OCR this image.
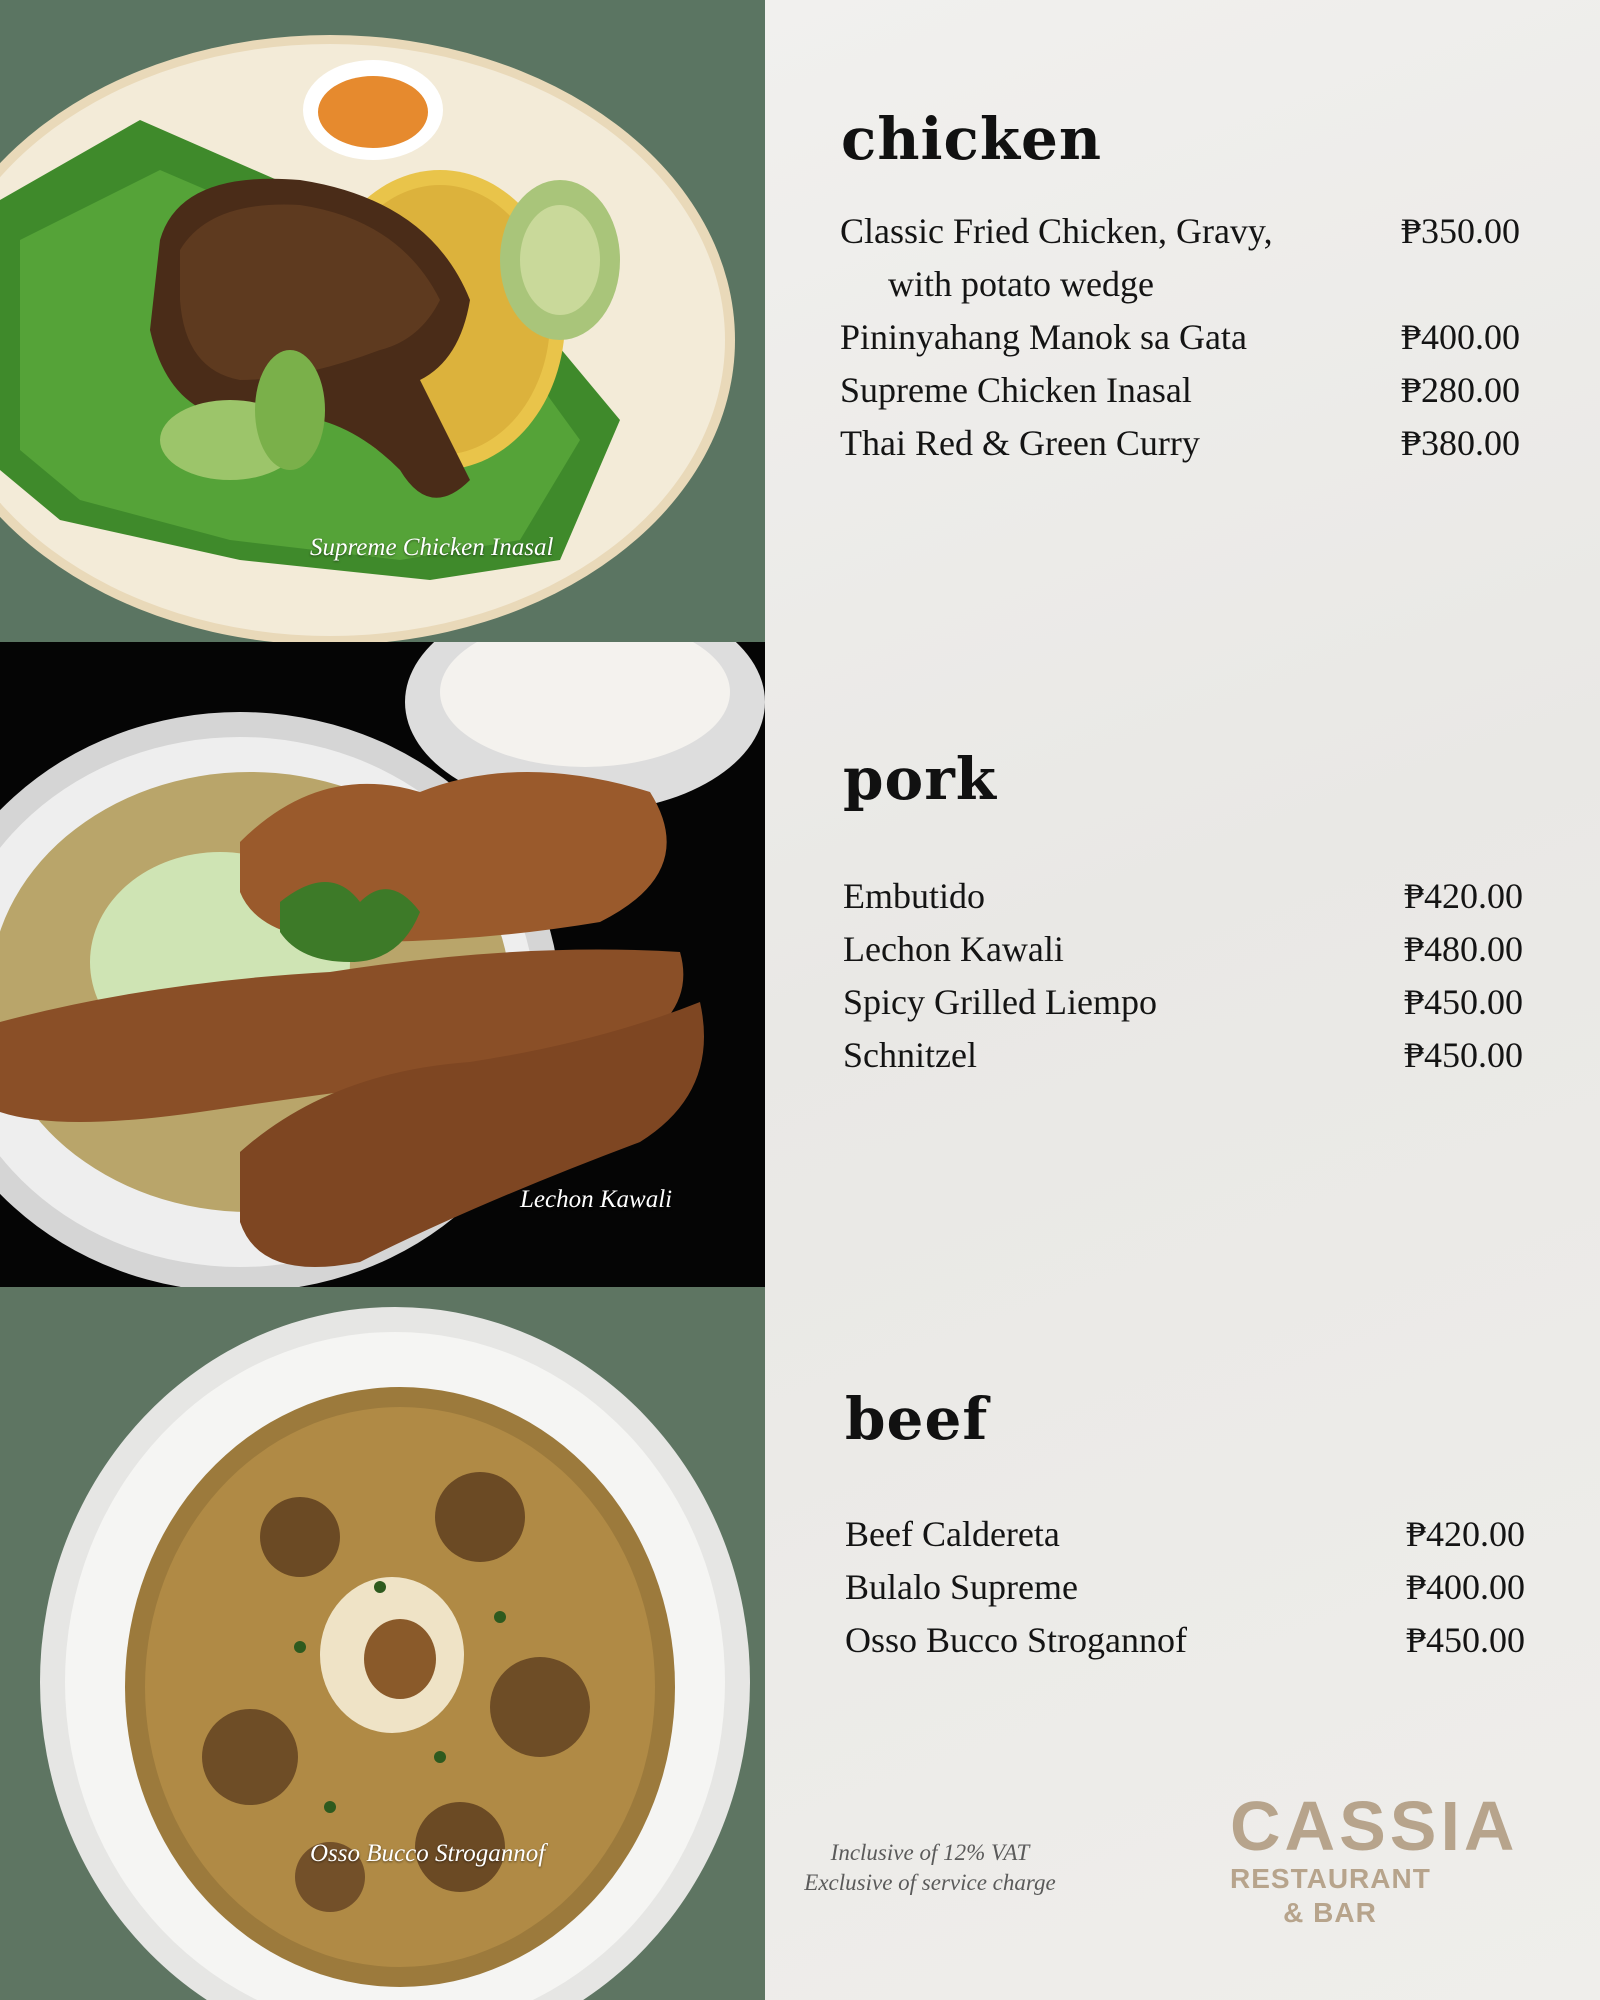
Supreme Chicken Inasal
Lechon Kawali
Osso Bucco Strogannof
chicken
Classic Fried Chicken, Gravy,	₱350.00
with potato wedge
Pininyahang Manok sa Gata	₱400.00
Supreme Chicken Inasal	₱280.00
Thai Red & Green Curry	₱380.00
pork
Embutido	₱420.00
Lechon Kawali	₱480.00
Spicy Grilled Liempo	₱450.00
Schnitzel	₱450.00
beef
Beef Caldereta	₱420.00
Bulalo Supreme	₱400.00
Osso Bucco Strogannof	₱450.00
Inclusive of 12% VAT
Exclusive of service charge
CASSIA
RESTAURANT & BAR
